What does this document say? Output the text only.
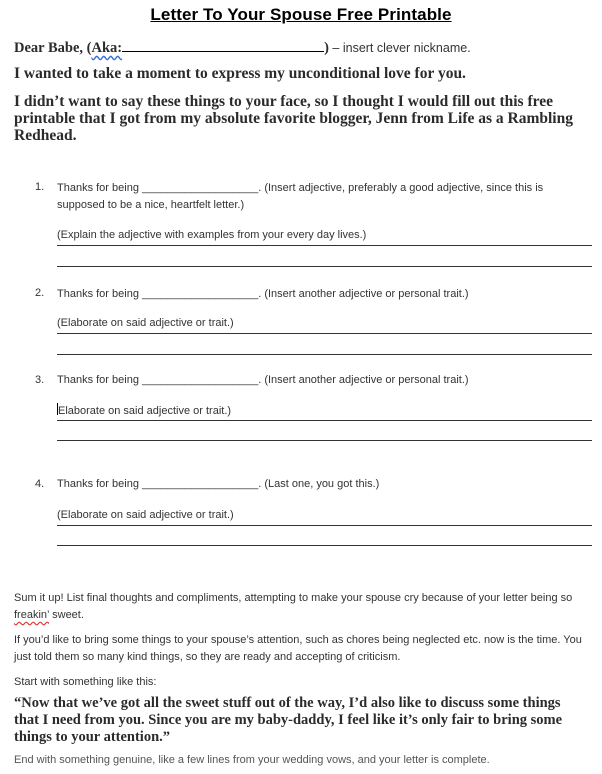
Letter To Your Spouse Free Printable
Dear Babe, (Aka:	) – insert clever nickname.
I wanted to take a moment to express my unconditional love for you.
I didn’t want to say these things to your face, so I thought I would fill out this free printable that I got from my absolute favorite blogger, Jenn from Life as a Rambling Redhead.
1. Thanks for being ___________________. (Insert adjective, preferably a good adjective, since this is supposed to be a nice, heartfelt letter.)
(Explain the adjective with examples from your every day lives.)
2. Thanks for being ___________________. (Insert another adjective or personal trait.)
(Elaborate on said adjective or trait.)
3. Thanks for being ___________________. (Insert another adjective or personal trait.)
Elaborate on said adjective or trait.)
4. Thanks for being ___________________. (Last one, you got this.)
(Elaborate on said adjective or trait.)
Sum it up! List final thoughts and compliments, attempting to make your spouse cry because of your letter being so freakin’ sweet.
If you’d like to bring some things to your spouse’s attention, such as chores being neglected etc. now is the time. You just told them so many kind things, so they are ready and accepting of criticism.
Start with something like this:
“Now that we’ve got all the sweet stuff out of the way, I’d also like to discuss some things that I need from you. Since you are my baby-daddy, I feel like it’s only fair to bring some things to your attention.”
End with something genuine, like a few lines from your wedding vows, and your letter is complete.
